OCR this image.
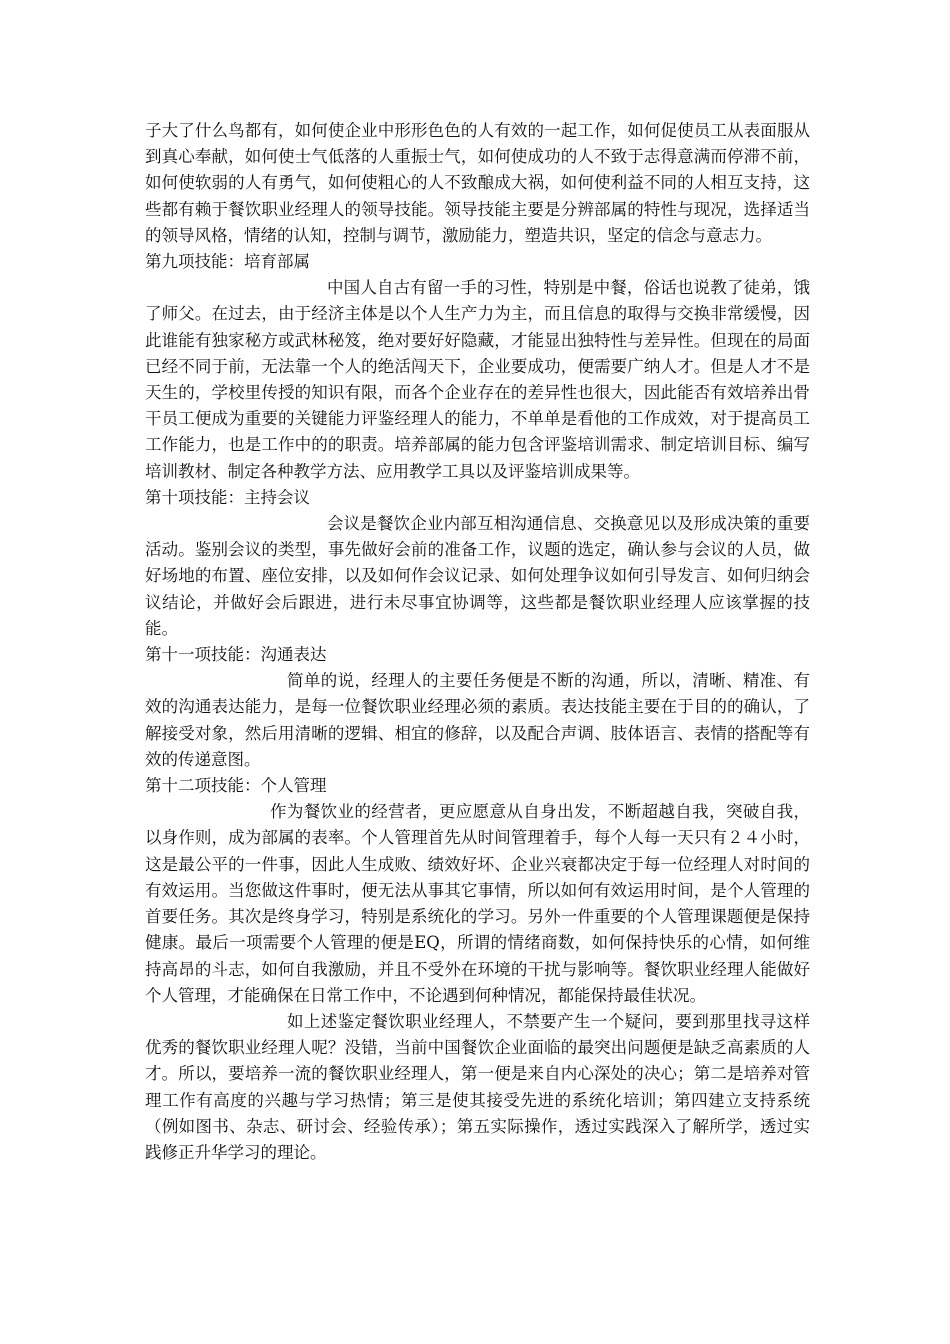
子大了什么鸟都有，如何使企业中形形色色的人有效的一起工作，如何促使员工从表面服从到真心奉献，如何使士气低落的人重振士气，如何使成功的人不致于志得意满而停滞不前，如何使软弱的人有勇气，如何使粗心的人不致酿成大祸，如何使利益不同的人相互支持，这些都有赖于餐饮职业经理人的领导技能。领导技能主要是分辨部属的特性与现况，选择适当的领导风格，情绪的认知，控制与调节，激励能力，塑造共识，坚定的信念与意志力。

第九项技能：培育部属

中国人自古有留一手的习性，特别是中餐，俗话也说教了徒弟，饿了师父。在过去，由于经济主体是以个人生产力为主，而且信息的取得与交换非常缓慢，因此谁能有独家秘方或武林秘笈，绝对要好好隐藏，才能显出独特性与差异性。但现在的局面已经不同于前，无法靠一个人的绝活闯天下，企业要成功，便需要广纳人才。但是人才不是天生的，学校里传授的知识有限，而各个企业存在的差异性也很大，因此能否有效培养出骨干员工便成为重要的关键能力评鉴经理人的能力，不单单是看他的工作成效，对于提高员工工作能力，也是工作中的的职责。培养部属的能力包含评鉴培训需求、制定培训目标、编写培训教材、制定各种教学方法、应用教学工具以及评鉴培训成果等。

第十项技能：主持会议

会议是餐饮企业内部互相沟通信息、交换意见以及形成决策的重要活动。鉴别会议的类型，事先做好会前的准备工作，议题的选定，确认参与会议的人员，做好场地的布置、座位安排，以及如何作会议记录、如何处理争议如何引导发言、如何归纳会议结论，并做好会后跟进，进行未尽事宜协调等，这些都是餐饮职业经理人应该掌握的技能。

第十一项技能：沟通表达

简单的说，经理人的主要任务便是不断的沟通，所以，清晰、精准、有效的沟通表达能力，是每一位餐饮职业经理必须的素质。表达技能主要在于目的的确认，了解接受对象，然后用清晰的逻辑、相宜的修辞，以及配合声调、肢体语言、表情的搭配等有效的传递意图。

第十二项技能：个人管理

作为餐饮业的经营者，更应愿意从自身出发，不断超越自我，突破自我，以身作则，成为部属的表率。个人管理首先从时间管理着手，每个人每一天只有２４小时，这是最公平的一件事，因此人生成败、绩效好坏、企业兴衰都决定于每一位经理人对时间的有效运用。当您做这件事时，便无法从事其它事情，所以如何有效运用时间，是个人管理的首要任务。其次是终身学习，特别是系统化的学习。另外一件重要的个人管理课题便是保持健康。最后一项需要个人管理的便是EQ，所谓的情绪商数，如何保持快乐的心情，如何维持高昂的斗志，如何自我激励，并且不受外在环境的干扰与影响等。餐饮职业经理人能做好个人管理，才能确保在日常工作中，不论遇到何种情况，都能保持最佳状况。

如上述鉴定餐饮职业经理人，不禁要产生一个疑问，要到那里找寻这样优秀的餐饮职业经理人呢？没错，当前中国餐饮企业面临的最突出问题便是缺乏高素质的人才。所以，要培养一流的餐饮职业经理人，第一便是来自内心深处的决心；第二是培养对管理工作有高度的兴趣与学习热情；第三是使其接受先进的系统化培训；第四建立支持系统（例如图书、杂志、研讨会、经验传承）；第五实际操作，透过实践深入了解所学，透过实践修正升华学习的理论。
